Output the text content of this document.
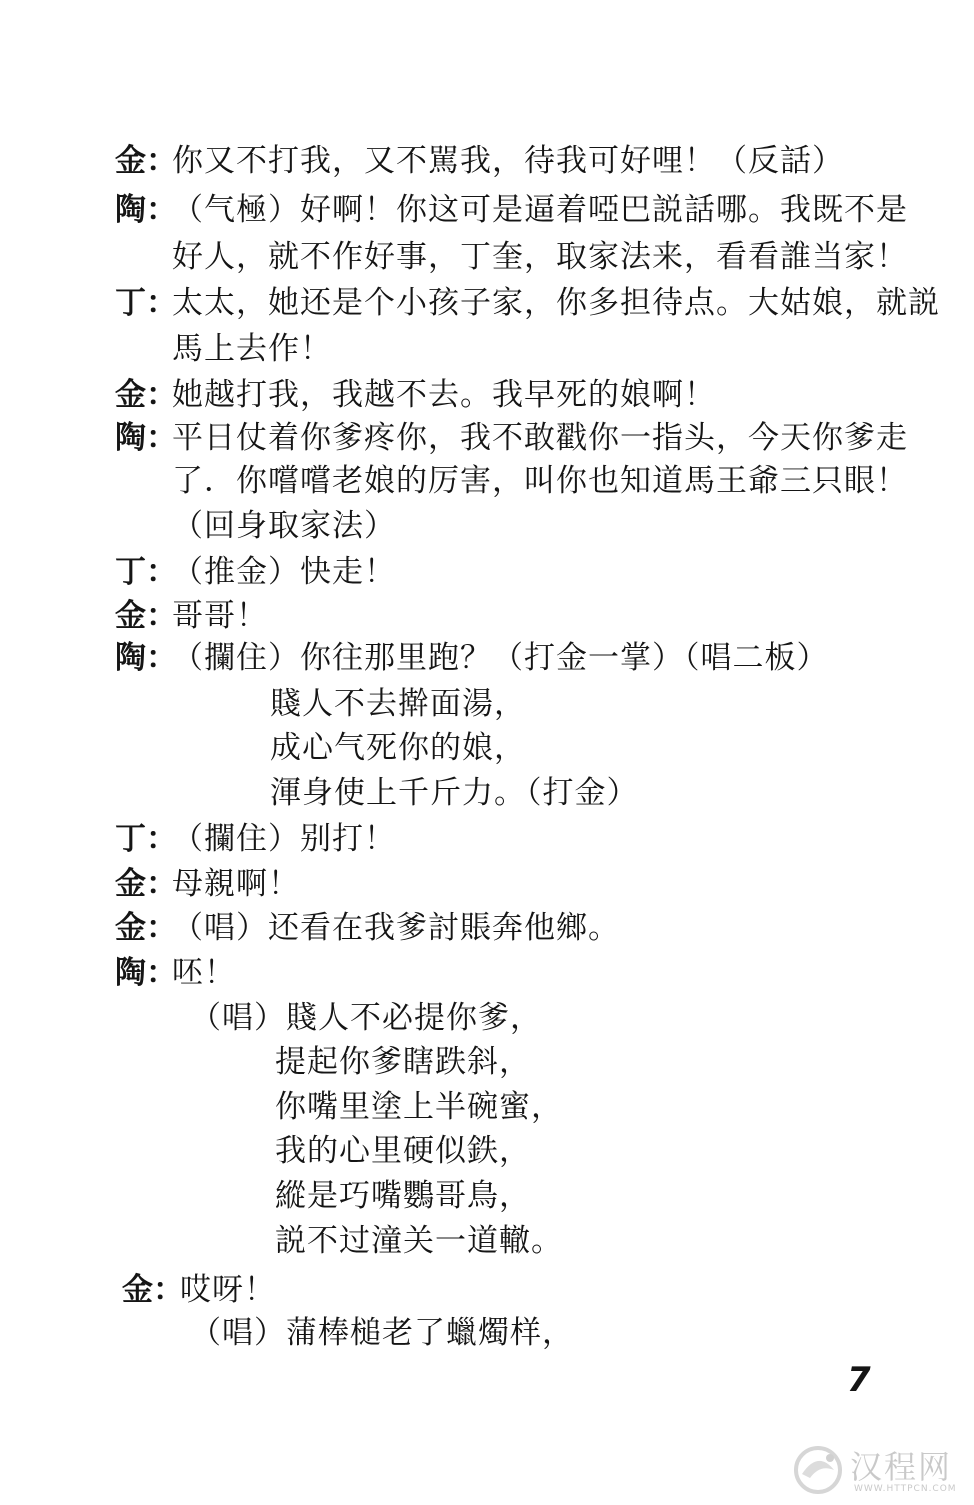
金：
你又不打我，又不駡我，待我可好哩！（反話）
陶：
（气極）好啊！你这可是逼着啞巴説話哪。我既不是
好人，就不作好事，丁奎，取家法来，看看誰当家！
丁：
太太，她还是个小孩子家，你多担待点。大姑娘，就説
馬上去作！
金：
她越打我，我越不去。我早死的娘啊！
陶：
平日仗着你爹疼你，我不敢戳你一指头，今天你爹走
了．你嚐嚐老娘的厉害，叫你也知道馬王爺三只眼！
（回身取家法）
丁：
（推金）快走！
金：
哥哥！
陶：
（攔住）你往那里跑？（打金一掌）（唱二板）
賤人不去擀面湯，
成心气死你的娘，
渾身使上千斤力。（打金）
丁：
（攔住）别打！
金：
母親啊！
金：
（唱）还看在我爹討賬奔他鄉。
陶：
呸！
（唱）賤人不必提你爹，
提起你爹瞎跌斜，
你嘴里塗上半碗蜜，
我的心里硬似鉄，
縱是巧嘴鸚哥鳥，
説不过潼关一道轍。
金：
哎呀！
（唱）蒲棒槌老了蠟燭样，
7
汉程网
WWW.HTTPCN.COM
